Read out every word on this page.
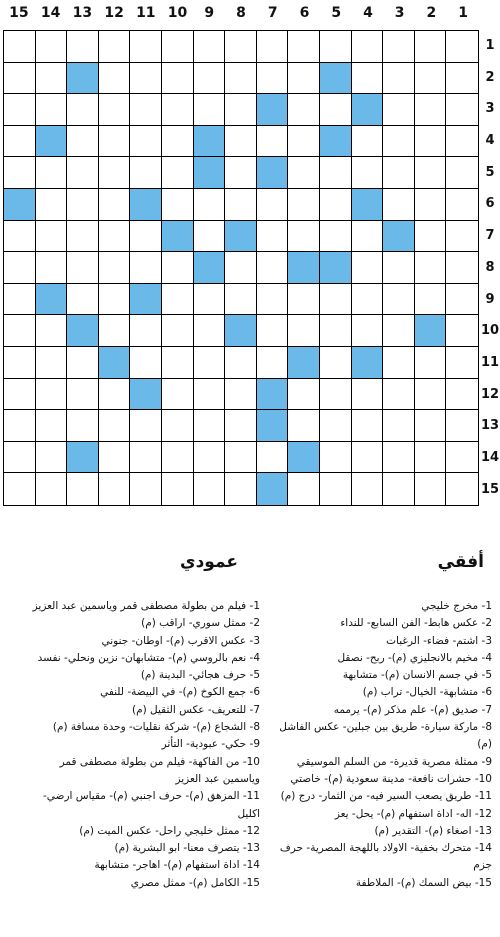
15 14 13 12 11 10	9	8	7	6	5	4	3	2	1
1
2
3
4
5
6
7
8
9
10
11
12
13
14
15
أفقي
عمودي

1- مخرج خليجي

2- عكس هابط- الفن السابع- للنداء

3- اشتم- فضاء- الرغبات

4- مخيم بالانجليزي (م)- ربح- نصقل

5- في جسم الانسان (م)- متشابهة

6- متشابهة- الخيال- تراب (م)

7- صديق (م)- علم مذكر (م)- يرممه

8- ماركة سيارة- طريق بين جبلين- عكس الفاشل (م)

9- ممثلة مصرية قديرة- من السلم الموسيقي

10- حشرات نافعة- مدينة سعودية (م)- خاصتي

11- طريق يصعب السير فيه- من الثمار- درج (م)

12- اله- اداة استفهام (م)- يحل- يعز

13- اصغاء (م)- التقدير (م)

14- متحرك بخفية- الاولاد باللهجة المصرية- حرف جزم

15- بيض السمك (م)- الملاطفة

1- فيلم من بطولة مصطفى قمر وياسمين عبد العزيز

2- ممثل سوري- اراقب (م)

3- عكس الاقرب (م)- اوطان- جنوني

4- نعم بالروسي (م)- متشابهان- نزين ونحلي- نفسد

5- حرف هجائي- البدينة (م)

6- جمع الكوخ (م)- في البيضة- للنفي

7- للتعريف- عكس الثقيل (م)

8- الشجاع (م)- شركة نقليات- وحدة مسافة (م)

9- حكي- عبودية- التأثر

10- من الفاكهة- فيلم من بطولة مصطفى قمر وياسمين عبد العزيز

11- المزهق (م)- حرف اجنبي (م)- مقياس ارضي- اكليل

12- ممثل خليجي راحل- عكس الميت (م)

13- يتصرف معنا- ابو البشرية (م)

14- اداة استفهام (م)- اهاجر- متشابهة

15- الكامل (م)- ممثل مصري
